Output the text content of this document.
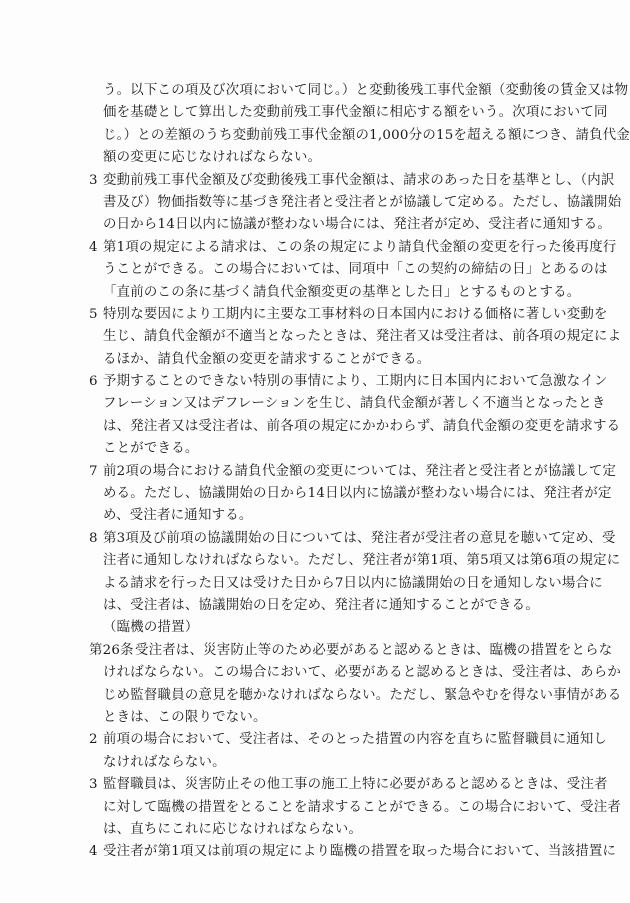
う。以下この項及び次項において同じ。）と変動後残工事代金額（変動後の賃金又は物
価を基礎として算出した変動前残工事代金額に相応する額をいう。次項において同
じ。）との差額のうち変動前残工事代金額の1,000分の15を超える額につき、請負代金
額の変更に応じなければならない。
3 変動前残工事代金額及び変動後残工事代金額は、請求のあった日を基準とし、（内訳
書及び）物価指数等に基づき発注者と受注者とが協議して定める。ただし、協議開始
の日から14日以内に協議が整わない場合には、発注者が定め、受注者に通知する。
4 第1項の規定による請求は、この条の規定により請負代金額の変更を行った後再度行
うことができる。この場合においては、同項中「この契約の締結の日」とあるのは
「直前のこの条に基づく請負代金額変更の基準とした日」とするものとする。
5 特別な要因により工期内に主要な工事材料の日本国内における価格に著しい変動を
生じ、請負代金額が不適当となったときは、発注者又は受注者は、前各項の規定によ
るほか、請負代金額の変更を請求することができる。
6 予期することのできない特別の事情により、工期内に日本国内において急激なイン
フレーション又はデフレーションを生じ、請負代金額が著しく不適当となったとき
は、発注者又は受注者は、前各項の規定にかかわらず、請負代金額の変更を請求する
ことができる。
7 前2項の場合における請負代金額の変更については、発注者と受注者とが協議して定
める。ただし、協議開始の日から14日以内に協議が整わない場合には、発注者が定
め、受注者に通知する。
8 第3項及び前項の協議開始の日については、発注者が受注者の意見を聴いて定め、受
注者に通知しなければならない。ただし、発注者が第1項、第5項又は第6項の規定に
よる請求を行った日又は受けた日から7日以内に協議開始の日を通知しない場合に
は、受注者は、協議開始の日を定め、発注者に通知することができる。
（臨機の措置）
第26条受注者は、災害防止等のため必要があると認めるときは、臨機の措置をとらな
ければならない。この場合において、必要があると認めるときは、受注者は、あらか
じめ監督職員の意見を聴かなければならない。ただし、緊急やむを得ない事情がある
ときは、この限りでない。
2 前項の場合において、受注者は、そのとった措置の内容を直ちに監督職員に通知し
なければならない。
3 監督職員は、災害防止その他工事の施工上特に必要があると認めるときは、受注者
に対して臨機の措置をとることを請求することができる。この場合において、受注者
は、直ちにこれに応じなければならない。
4 受注者が第1項又は前項の規定により臨機の措置を取った場合において、当該措置に
